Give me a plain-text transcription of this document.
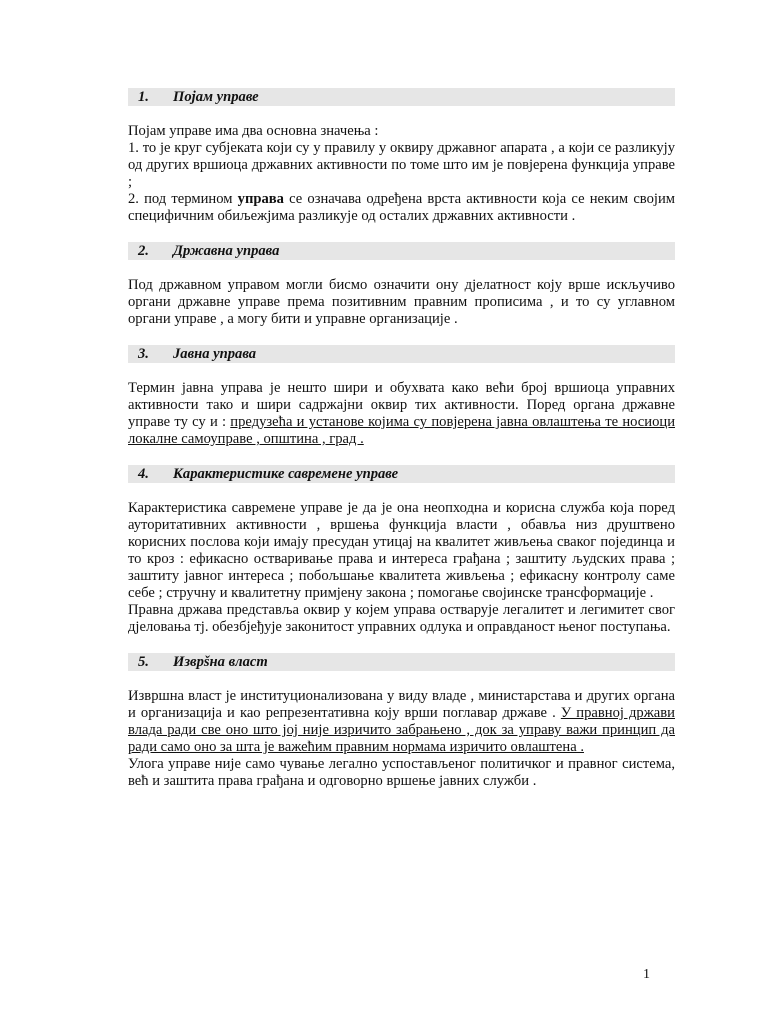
1.	Појам управе

Појам управе има два основна значења :

1. то је круг субјеката који су у правилу у оквиру државног апарата , а који се разликују од других вршиоца државних активности по томе што им је повјерена функција управе ;

2. под термином управа се означава одређена врста активности која се неким својим специфичним обиљежјима разликује од осталих државних активности .

2.	Државна управа

Под државном управом могли бисмо означити ону дјелатност коју врше искључиво органи државне управе према позитивним правним прописима , и то су углавном органи управе , а могу бити и управне организације .

3.	Јавна управа

Термин јавна управа је нешто шири и обухвата како већи број вршиоца управних активности тако и шири садржајни оквир тих активности. Поред органа државне управе ту су и : предузећа и установе којима су повјерена јавна овлаштења те носиоци локалне самоуправе , општина , град .

4.	Карактеристике савремене управе

Карактеристика савремене управе је да је она неопходна и корисна служба која поред ауторитативних активности , вршења функција власти , обавља низ друштвено корисних послова који имају пресудан утицај на квалитет живљења сваког појединца и то кроз : ефикасно остваривање права и интереса грађана ; заштиту људских права ; заштиту јавног интереса ; побољшање квалитета живљења ; ефикасну контролу саме себе ; стручну и квалитетну примјену закона ; помогање својинске трансформације .

Правна држава представља оквир у којем управа остварује легалитет и легимитет свог дјеловања тј. обезбјеђује законитост управних одлука и оправданост њеног поступања.

5.	Изврšна власт

Извршна власт је институционализована у виду владе , министарстава и других органа и организација и као репрезентативна коју врши поглавар државе . У правној држави влада ради све оно што јој није изричито забрањено , док за управу важи принцип да ради само оно за шта је важећим правним нормама изричито овлаштена .

Улога управе није само чување легално успостављеног политичког и правног система, већ и заштита права грађана и одговорно вршење јавних служби .

1
